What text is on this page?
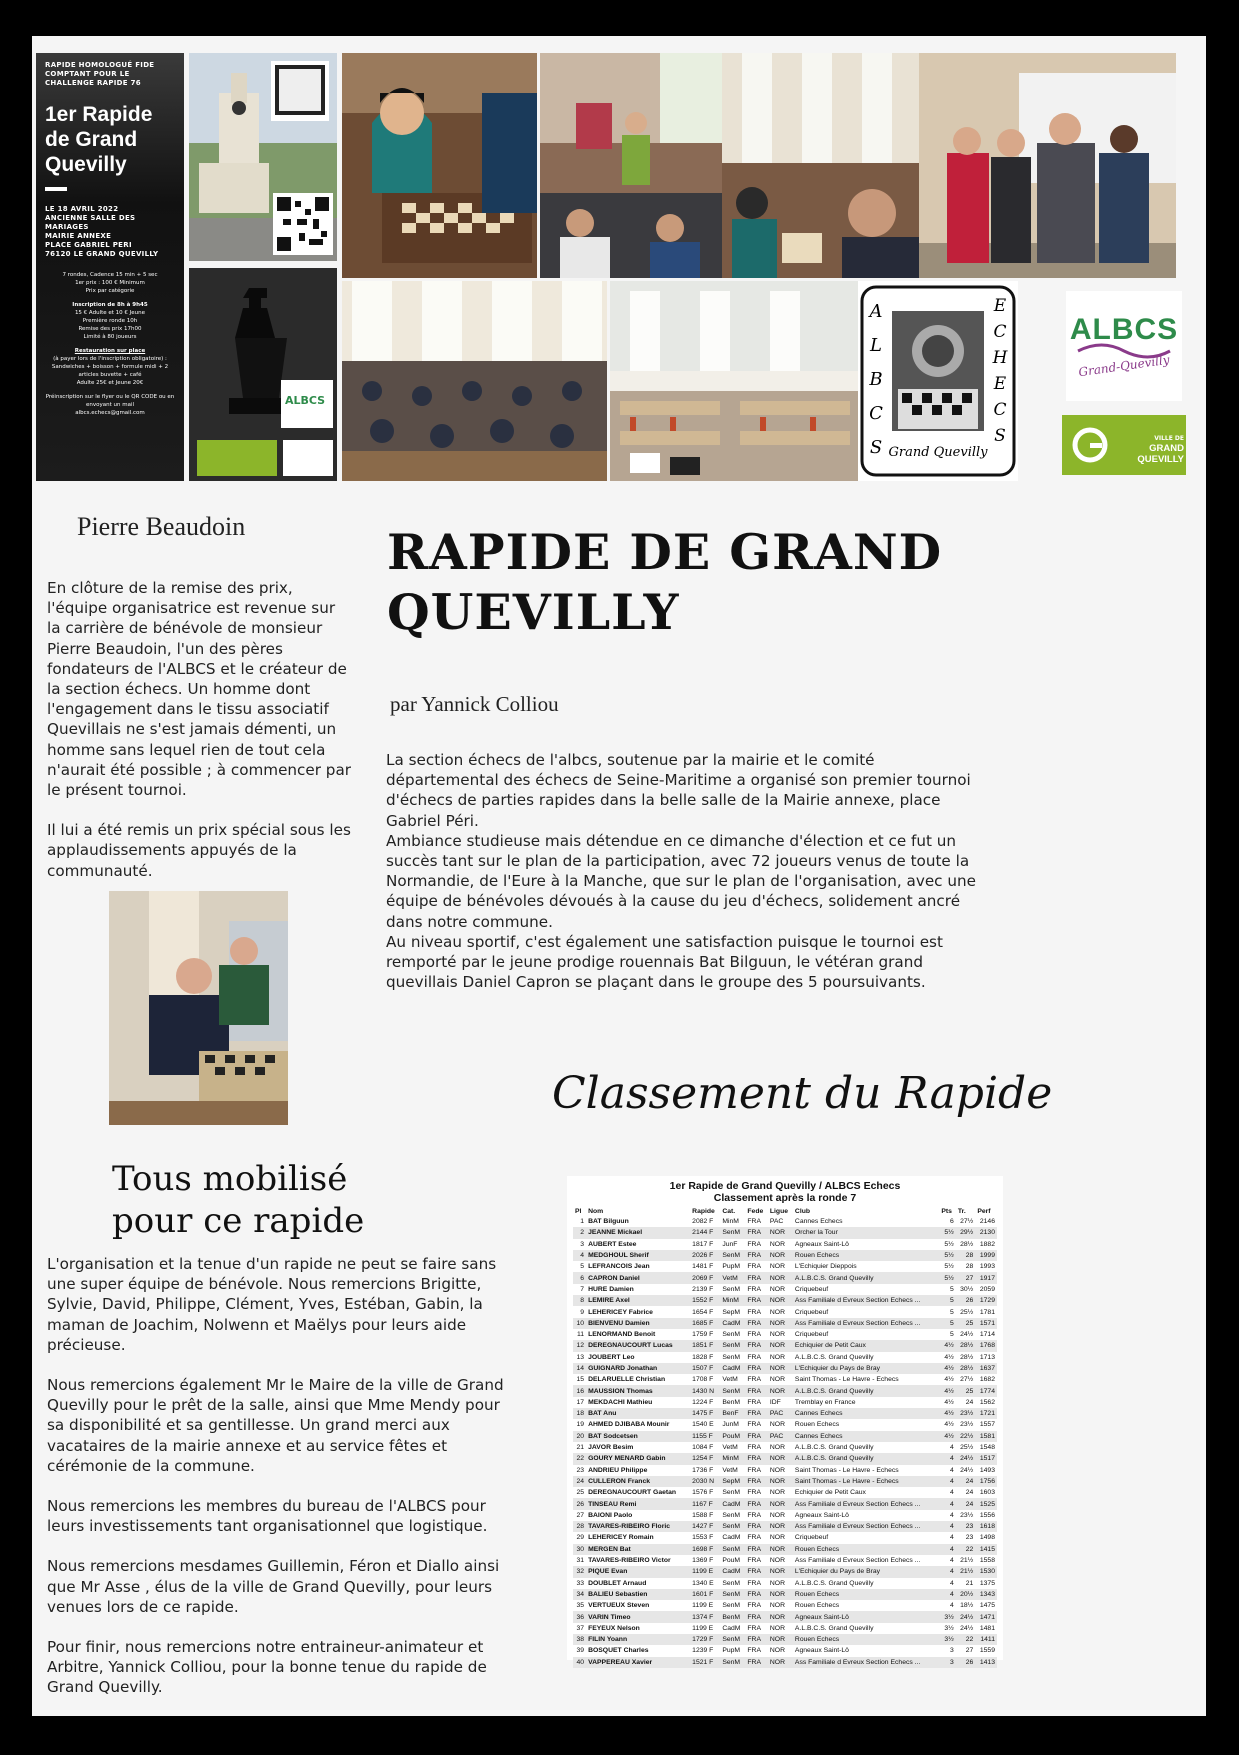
RAPIDE HOMOLOGUÉ FIDE COMPTANT POUR LE CHALLENGE RAPIDE 76
1er Rapide
de Grand
Quevilly
LE 18 AVRIL 2022
ANCIENNE SALLE DES MARIAGES
MAIRIE ANNEXE
PLACE GABRIEL PERI
76120 LE GRAND QUEVILLY
7 rondes, Cadence 15 min + 5 sec
1er prix : 100 € Minimum
Prix par catégorie
Inscription de 8h à 9h45
15 € Adulte et 10 € Jeune
Première ronde 10h
Remise des prix 17h00
Limité à 80 joueurs
Restauration sur place
(à payer lors de l'inscription obligatoire) : Sandwiches + boisson + formule midi + 2 articles buvette + café
Adulte 25€ et Jeune 20€
Préinscription sur le flyer ou le QR CODE ou en envoyant un mail
albcs.echecs@gmail.com
ALBCS
ALBCS
ECHECS
Grand Quevilly
ALBCS
Grand-Quevilly
VILLE DE
GRAND QUEVILLY
Pierre Beaudoin
En clôture de la remise des prix, l'équipe organisatrice est revenue sur la carrière de bénévole de monsieur Pierre Beaudoin, l'un des pères fondateurs de l'ALBCS et le créateur de la section échecs. Un homme dont l'engagement dans le tissu associatif Quevillais ne s'est jamais démenti, un homme sans lequel rien de tout cela n'aurait été possible ; à commencer par le présent tournoi.
Il lui a été remis un prix spécial sous les applaudissements appuyés de la communauté.
RAPIDE DE GRAND QUEVILLY
par Yannick Colliou
La section échecs de l'albcs, soutenue par la mairie et le comité départemental des échecs de Seine-Maritime a organisé son premier tournoi d'échecs de parties rapides dans la belle salle de la Mairie annexe, place Gabriel Péri.
Ambiance studieuse mais détendue en ce dimanche d'élection et ce fut un succès tant sur le plan de la participation, avec 72 joueurs venus de toute la Normandie, de l'Eure à la Manche, que sur le plan de l'organisation, avec une équipe de bénévoles dévoués à la cause du jeu d'échecs, solidement ancré dans notre commune.
Au niveau sportif, c'est également une satisfaction puisque le tournoi est remporté par le jeune prodige rouennais Bat Bilguun, le vétéran grand quevillais Daniel Capron se plaçant dans le groupe des 5 poursuivants.
Classement du Rapide
1er Rapide de Grand Quevilly / ALBCS Echecs
Classement après la ronde 7
Pl	Nom	Rapide	Cat.	Fede	Ligue	Club	Pts	Tr.	Perf
1	BAT Bilguun	2082 F	MinM	FRA	PAC	Cannes Echecs	6	27½	2146
2	JEANNE Mickael	2144 F	SenM	FRA	NOR	Orcher la Tour	5½	29½	2130
3	AUBERT Estee	1817 F	JunF	FRA	NOR	Agneaux Saint-Lô	5½	28½	1882
4	MEDGHOUL Sherif	2026 F	SenM	FRA	NOR	Rouen Echecs	5½	28	1999
5	LEFRANCOIS Jean	1481 F	PupM	FRA	NOR	L'Echiquier Dieppois	5½	28	1993
6	CAPRON Daniel	2069 F	VetM	FRA	NOR	A.L.B.C.S. Grand Quevilly	5½	27	1917
7	HURE Damien	2139 F	SenM	FRA	NOR	Criquebeuf	5	30½	2059
8	LEMIRE Axel	1552 F	MinM	FRA	NOR	Ass Familiale d Evreux Section Echecs ...	5	26	1729
9	LEHERICEY Fabrice	1654 F	SepM	FRA	NOR	Criquebeuf	5	25½	1781
10	BIENVENU Damien	1685 F	CadM	FRA	NOR	Ass Familiale d Evreux Section Echecs ...	5	25	1571
11	LENORMAND Benoit	1759 F	SenM	FRA	NOR	Criquebeuf	5	24½	1714
12	DEREGNAUCOURT Lucas	1851 F	SenM	FRA	NOR	Echiquier de Petit Caux	4½	28½	1768
13	JOUBERT Leo	1828 F	SenM	FRA	NOR	A.L.B.C.S. Grand Quevilly	4½	28½	1713
14	GUIGNARD Jonathan	1507 F	CadM	FRA	NOR	L'Echiquier du Pays de Bray	4½	28½	1637
15	DELARUELLE Christian	1708 F	VetM	FRA	NOR	Saint Thomas - Le Havre - Echecs	4½	27½	1682
16	MAUSSION Thomas	1430 N	SenM	FRA	NOR	A.L.B.C.S. Grand Quevilly	4½	25	1774
17	MEKDACHI Mathieu	1224 F	BenM	FRA	IDF	Tremblay en France	4½	24	1562
18	BAT Anu	1475 F	BenF	FRA	PAC	Cannes Echecs	4½	23½	1721
19	AHMED DJIBABA Mounir	1540 E	JunM	FRA	NOR	Rouen Echecs	4½	23½	1557
20	BAT Sodcetsen	1155 F	PouM	FRA	PAC	Cannes Echecs	4½	22½	1581
21	JAVOR Besim	1084 F	VetM	FRA	NOR	A.L.B.C.S. Grand Quevilly	4	25½	1548
22	GOURY MENARD Gabin	1254 F	MinM	FRA	NOR	A.L.B.C.S. Grand Quevilly	4	24½	1517
23	ANDRIEU Philippe	1736 F	VetM	FRA	NOR	Saint Thomas - Le Havre - Echecs	4	24½	1493
24	CULLERON Franck	2030 N	SepM	FRA	NOR	Saint Thomas - Le Havre - Echecs	4	24	1756
25	DEREGNAUCOURT Gaetan	1576 F	SenM	FRA	NOR	Echiquier de Petit Caux	4	24	1603
26	TINSEAU Remi	1167 F	CadM	FRA	NOR	Ass Familiale d Evreux Section Echecs ...	4	24	1525
27	BAIONI Paolo	1588 F	SenM	FRA	NOR	Agneaux Saint-Lô	4	23½	1556
28	TAVARES-RIBEIRO Floric	1427 F	SenM	FRA	NOR	Ass Familiale d Evreux Section Echecs ...	4	23	1618
29	LEHERICEY Romain	1553 F	CadM	FRA	NOR	Criquebeuf	4	23	1498
30	MERGEN Bat	1698 F	SenM	FRA	NOR	Rouen Echecs	4	22	1415
31	TAVARES-RIBEIRO Victor	1369 F	PouM	FRA	NOR	Ass Familiale d Evreux Section Echecs ...	4	21½	1558
32	PIQUE Evan	1199 E	CadM	FRA	NOR	L'Echiquier du Pays de Bray	4	21½	1530
33	DOUBLET Arnaud	1340 E	SenM	FRA	NOR	A.L.B.C.S. Grand Quevilly	4	21	1375
34	BALIEU Sebastien	1601 F	SenM	FRA	NOR	Rouen Echecs	4	20½	1343
35	VERTUEUX Steven	1199 E	SenM	FRA	NOR	Rouen Echecs	4	18½	1475
36	VARIN Timeo	1374 F	BenM	FRA	NOR	Agneaux Saint-Lô	3½	24½	1471
37	FEYEUX Nelson	1199 E	CadM	FRA	NOR	A.L.B.C.S. Grand Quevilly	3½	24½	1481
38	FILIN Yoann	1729 F	SenM	FRA	NOR	Rouen Echecs	3½	22	1411
39	BOSQUET Charles	1239 F	PupM	FRA	NOR	Agneaux Saint-Lô	3	27	1559
40	VAPPEREAU Xavier	1521 F	SenM	FRA	NOR	Ass Familiale d Evreux Section Echecs ...	3	26	1413
Tous mobilisé
pour ce rapide

L'organisation et la tenue d'un rapide ne peut se faire sans une super équipe de bénévole. Nous remercions Brigitte, Sylvie, David, Philippe, Clément, Yves, Estéban, Gabin, la maman de Joachim, Nolwenn et Maëlys pour leurs aide précieuse.

Nous remercions également Mr le Maire de la ville de Grand Quevilly pour le prêt de la salle, ainsi que Mme Mendy pour sa disponibilité et sa gentillesse. Un grand merci aux vacataires de la mairie annexe et au service fêtes et cérémonie de la commune.

Nous remercions les membres du bureau de l'ALBCS pour leurs investissements tant organisationnel que logistique.

Nous remercions mesdames Guillemin, Féron et Diallo ainsi que Mr Asse , élus de la ville de Grand Quevilly, pour leurs venues lors de ce rapide.

Pour finir, nous remercions notre entraineur-animateur et Arbitre, Yannick Colliou, pour la bonne tenue du rapide de Grand Quevilly.
